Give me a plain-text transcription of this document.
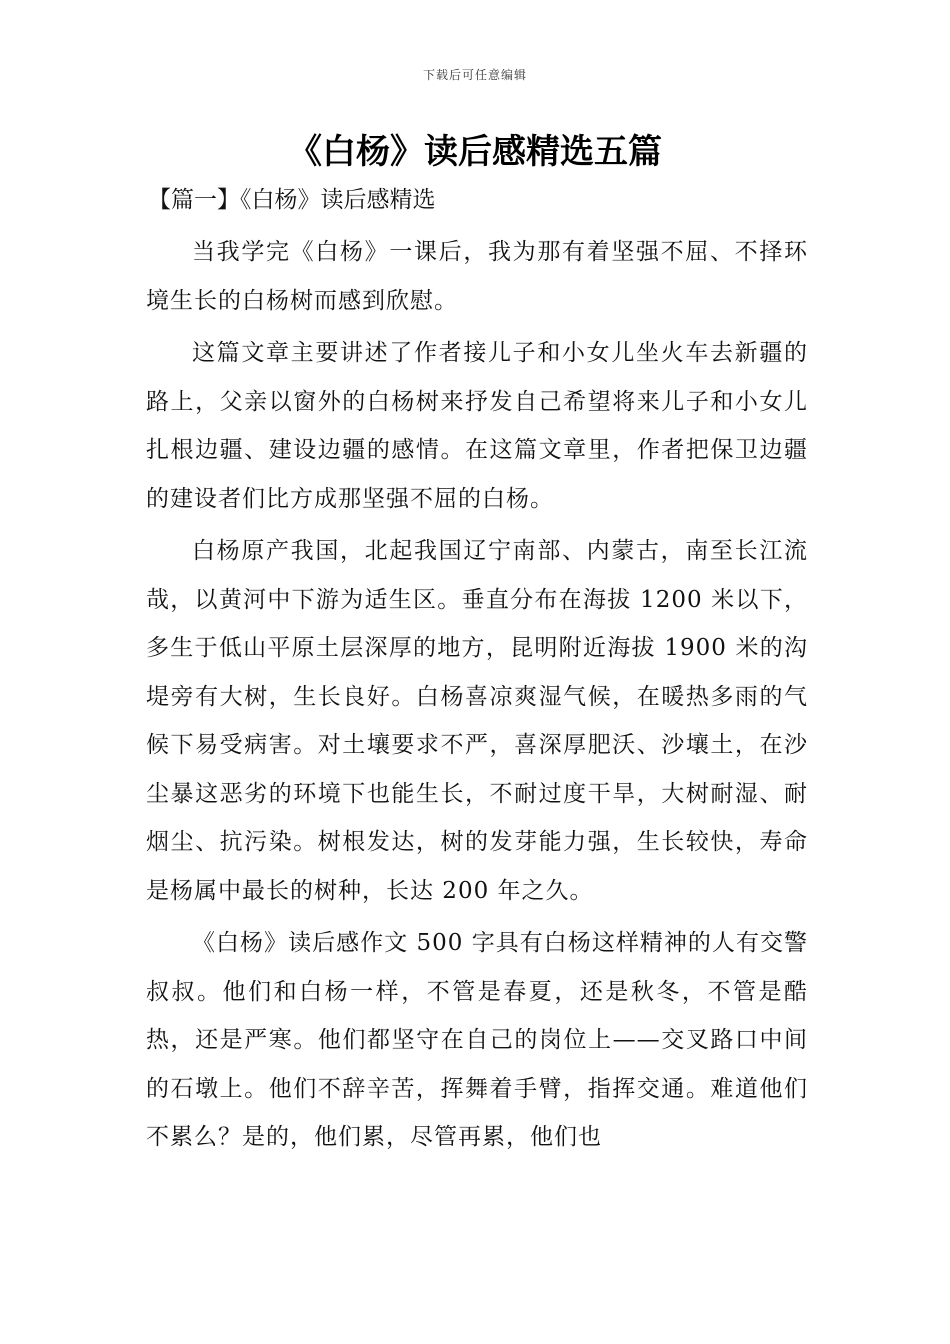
下载后可任意编辑
《白杨》读后感精选五篇
【篇一】《白杨》读后感精选

当我学完《白杨》一课后，我为那有着坚强不屈、不择环境生长的白杨树而感到欣慰。

这篇文章主要讲述了作者接儿子和小女儿坐火车去新疆的路上，父亲以窗外的白杨树来抒发自己希望将来儿子和小女儿扎根边疆、建设边疆的感情。在这篇文章里，作者把保卫边疆的建设者们比方成那坚强不屈的白杨。

白杨原产我国，北起我国辽宁南部、内蒙古，南至长江流哉，以黄河中下游为适生区。垂直分布在海拔 1200 米以下，多生于低山平原土层深厚的地方，昆明附近海拔 1900 米的沟堤旁有大树，生长良好。白杨喜凉爽湿气候，在暖热多雨的气候下易受病害。对土壤要求不严，喜深厚肥沃、沙壤土，在沙尘暴这恶劣的环境下也能生长，不耐过度干旱，大树耐湿、耐烟尘、抗污染。树根发达，树的发芽能力强，生长较快，寿命是杨属中最长的树种，长达 200 年之久。

《白杨》读后感作文 500 字具有白杨这样精神的人有交警叔叔。他们和白杨一样，不管是春夏，还是秋冬，不管是酷热，还是严寒。他们都坚守在自己的岗位上——交叉路口中间的石墩上。他们不辞辛苦，挥舞着手臂，指挥交通。难道他们不累么？是的，他们累，尽管再累，他们也
